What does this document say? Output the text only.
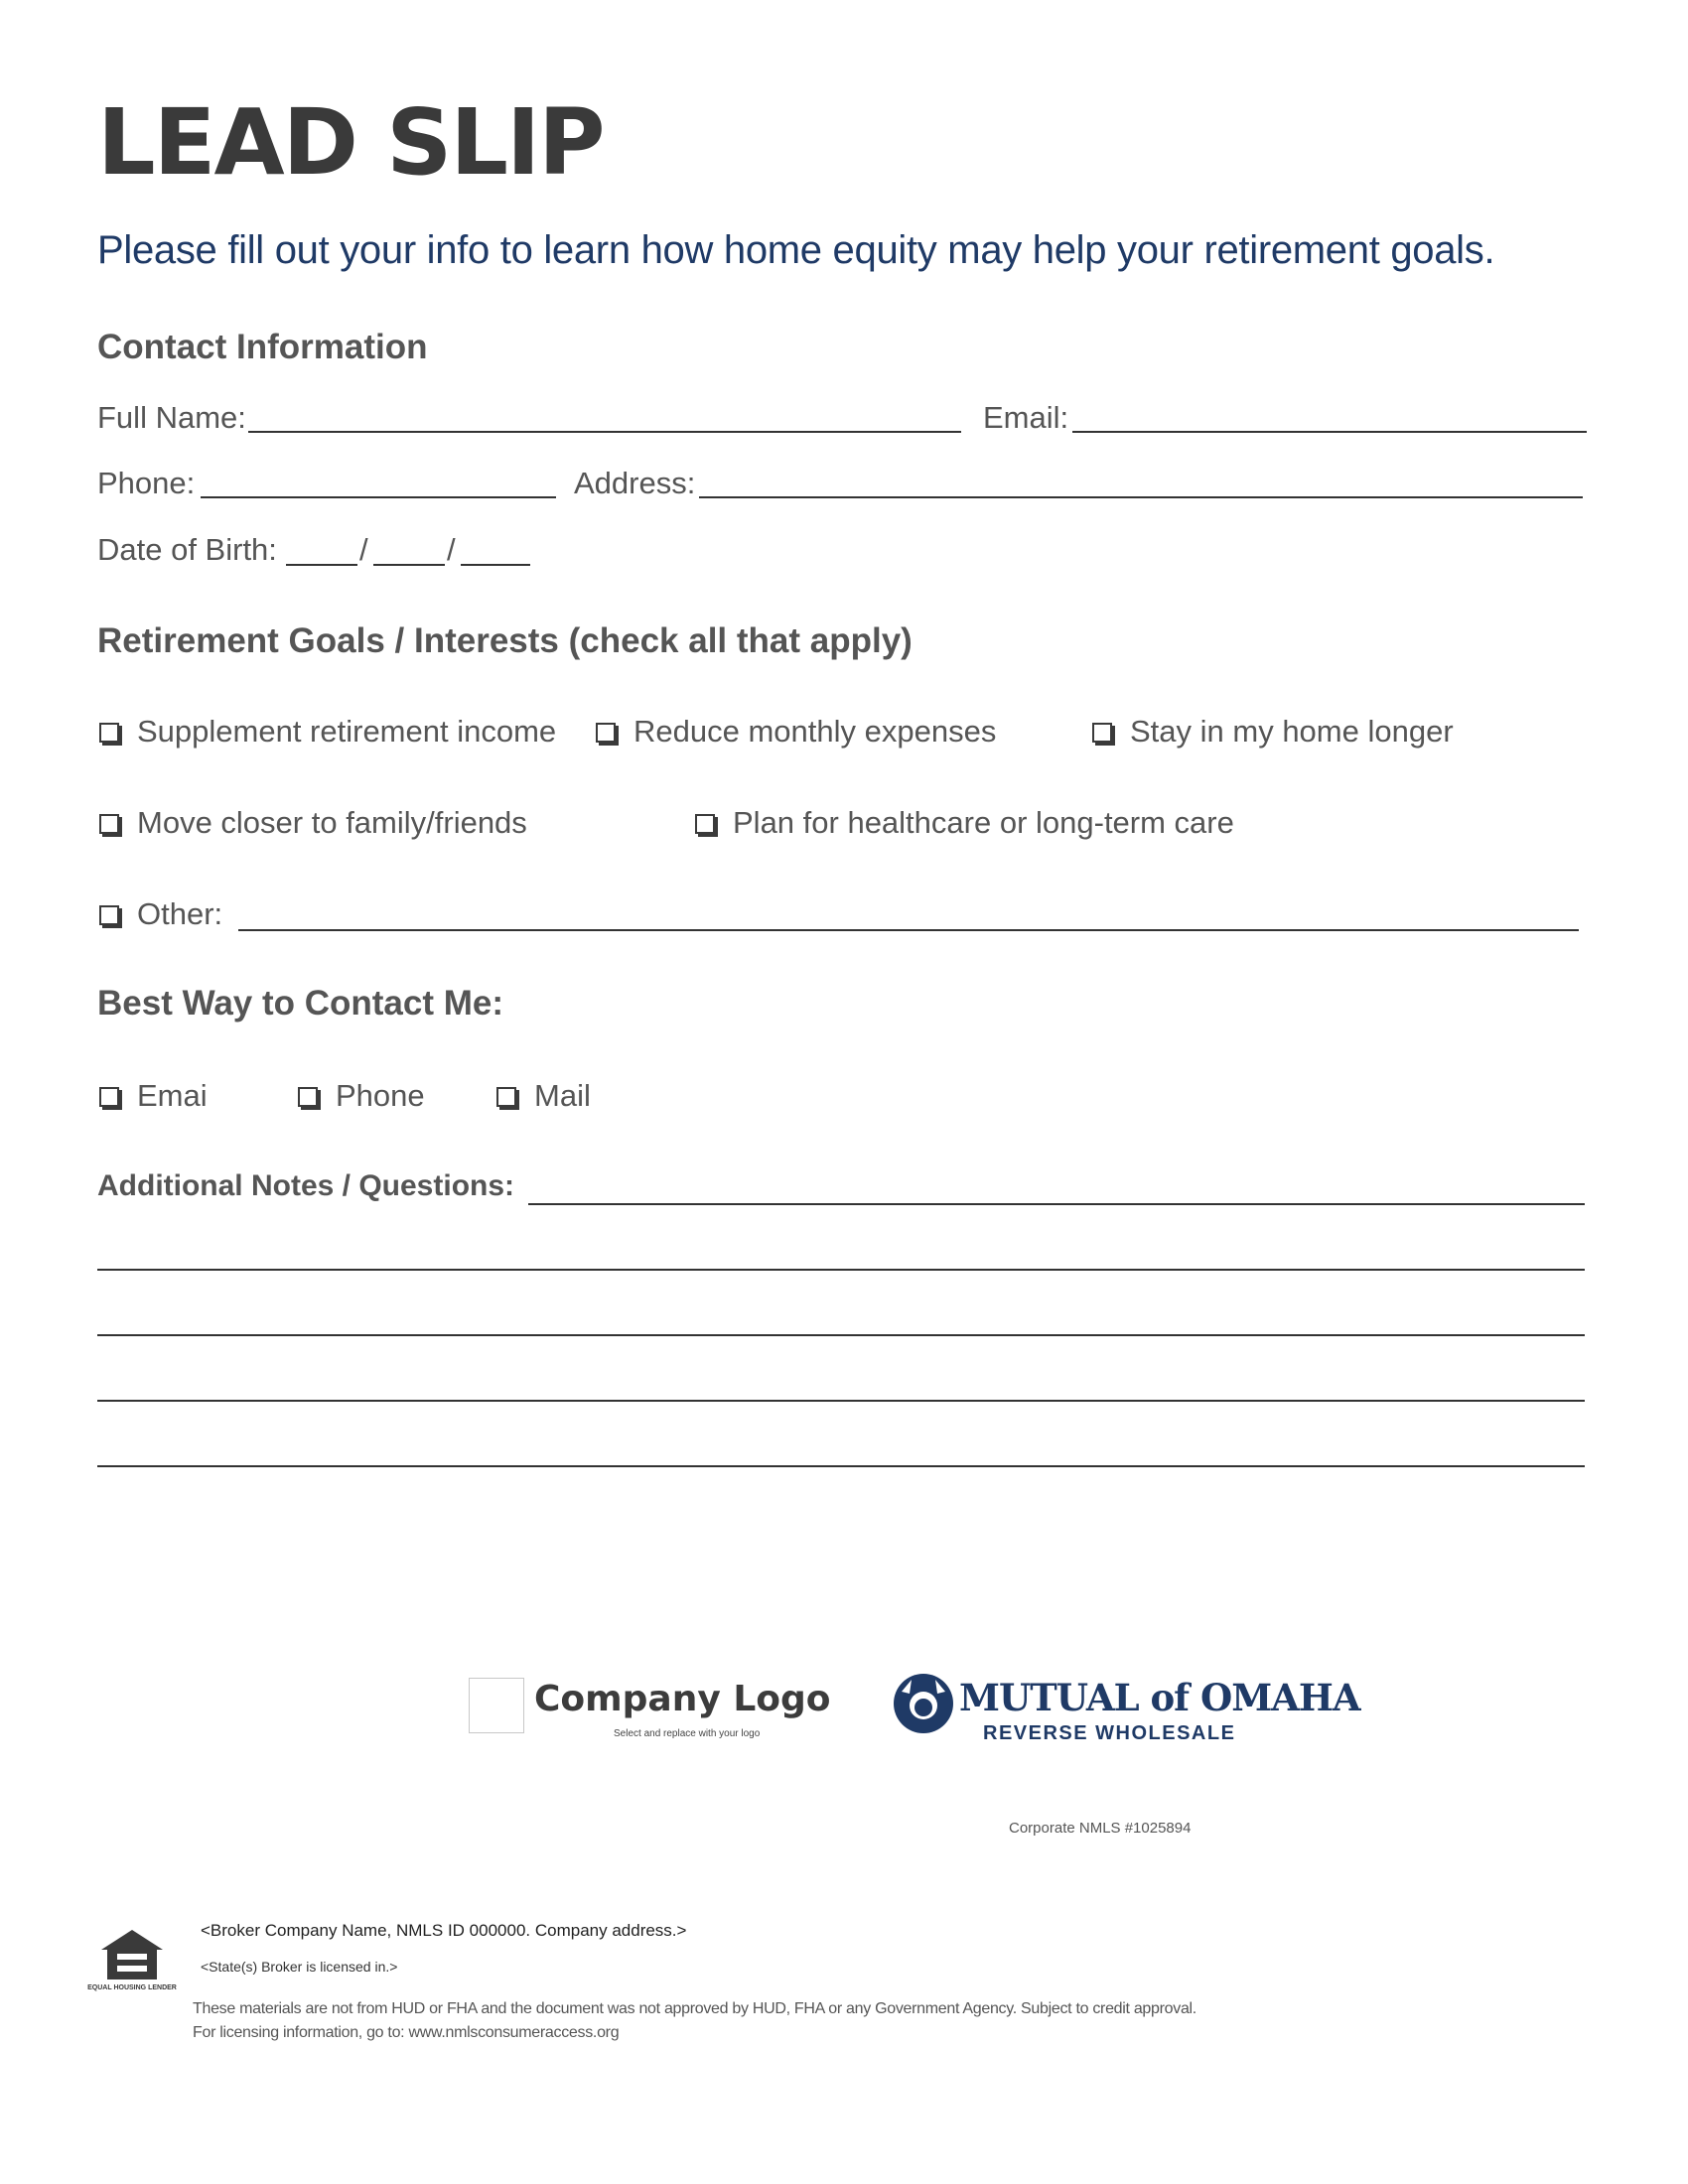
LEAD SLIP
Please fill out your info to learn how home equity may help your retirement goals.
Contact Information
Full Name:	Email:
Phone:	Address:
Date of Birth:	/	/
Retirement Goals / Interests (check all that apply)
Supplement retirement income	Reduce monthly expenses	Stay in my home longer
Move closer to family/friends	Plan for healthcare or long-term care
Other:
Best Way to Contact Me:
Emai	Phone	Mail
Additional Notes / Questions:
Company Logo
Select and replace with your logo
MUTUAL of OMAHA
REVERSE WHOLESALE
Corporate NMLS #1025894
EQUAL HOUSING LENDER
<Broker Company Name, NMLS ID 000000. Company address.>
<State(s) Broker is licensed in.>
These materials are not from HUD or FHA and the document was not approved by HUD, FHA or any Government Agency. Subject to credit approval.
For licensing information, go to: www.nmlsconsumeraccess.org
